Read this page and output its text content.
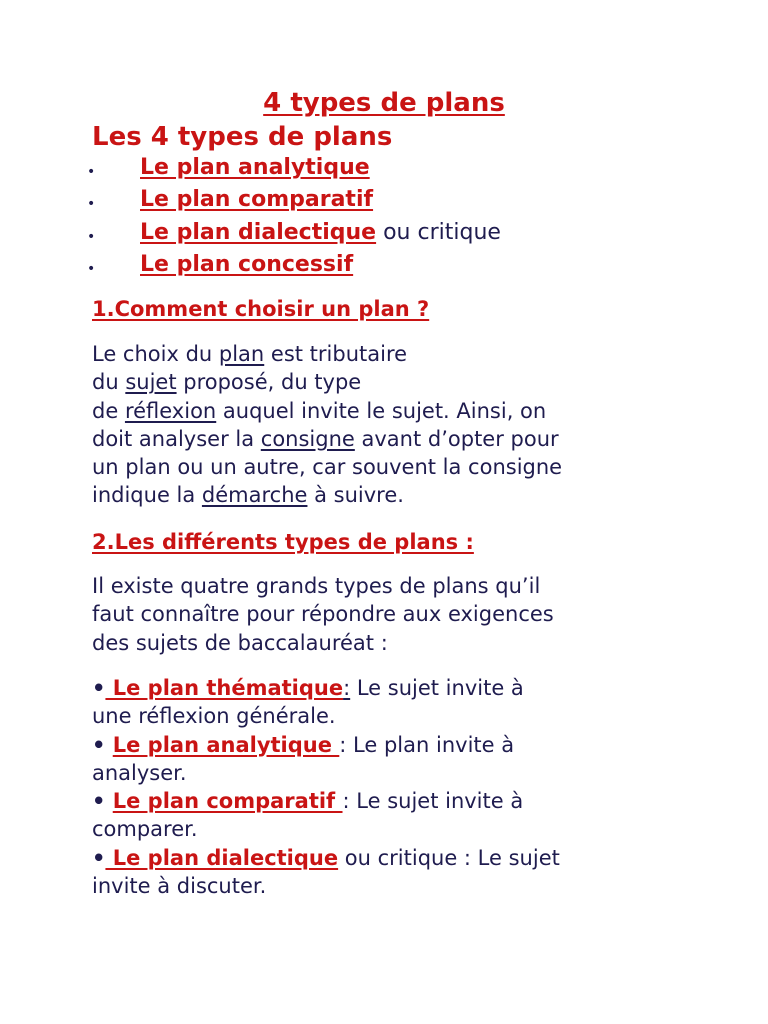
4 types de plans
Les 4 types de plans
• Le plan analytique
• Le plan comparatif
• Le plan dialectique ou critique
• Le plan concessif
1.Comment choisir un plan ?

Le choix du plan est tributaire
du sujet proposé, du type
de réflexion auquel invite le sujet. Ainsi, on
doit analyser la consigne avant d’opter pour
un plan ou un autre, car souvent la consigne
indique la démarche à suivre.

2.Les différents types de plans :

Il existe quatre grands types de plans qu’il
faut connaître pour répondre aux exigences
des sujets de baccalauréat :

• Le plan thématique: Le sujet invite à
une réflexion générale.
• Le plan analytique : Le plan invite à
analyser.
• Le plan comparatif : Le sujet invite à
comparer.
• Le plan dialectique ou critique : Le sujet
invite à discuter.
